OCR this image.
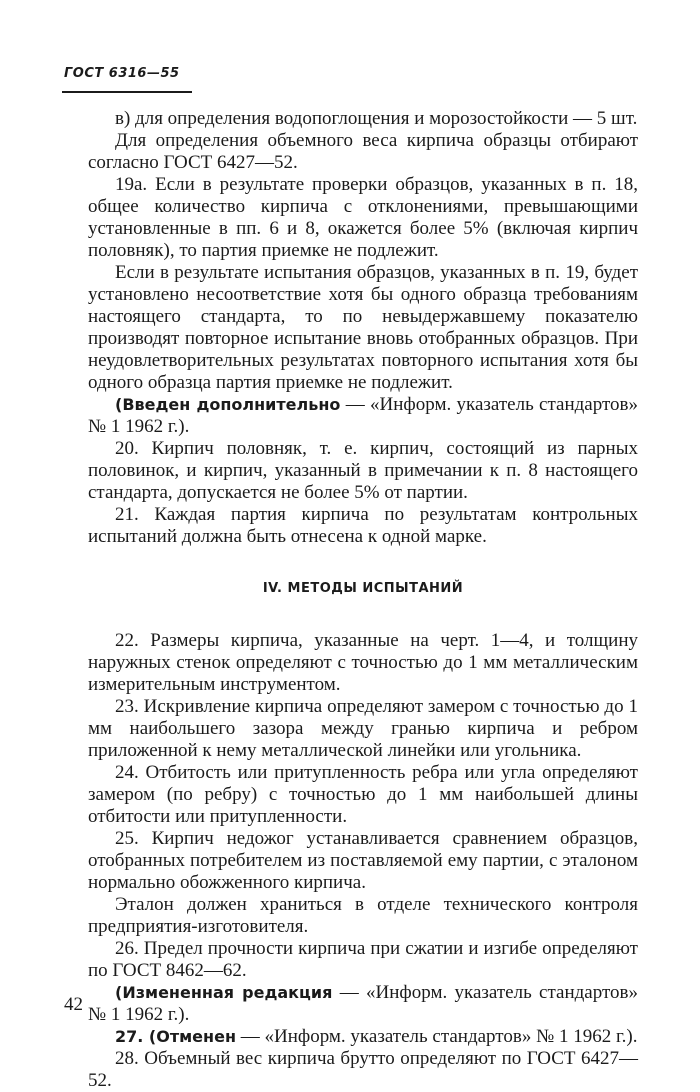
ГОСТ 6316—55

в) для определения водопоглощения и морозостойкости — 5 шт.

Для определения объемного веса кирпича образцы отбирают согласно ГОСТ 6427—52.

19а. Если в результате проверки образцов, указанных в п. 18, общее количество кирпича с отклонениями, превышающими установленные в пп. 6 и 8, окажется более 5% (включая кирпич половняк), то партия приемке не подлежит.

Если в результате испытания образцов, указанных в п. 19, будет установлено несоответствие хотя бы одного образца требованиям настоящего стандарта, то по невыдержавшему показателю производят повторное испытание вновь отобранных образцов. При неудовлетворительных результатах повторного испытания хотя бы одного образца партия приемке не подлежит.

(Введен дополнительно — «Информ. указатель стандартов» № 1 1962 г.).

20. Кирпич половняк, т. е. кирпич, состоящий из парных половинок, и кирпич, указанный в примечании к п. 8 настоящего стандарта, допускается не более 5% от партии.

21. Каждая партия кирпича по результатам контрольных испытаний должна быть отнесена к одной марке.

IV. МЕТОДЫ ИСПЫТАНИЙ

22. Размеры кирпича, указанные на черт. 1—4, и толщину наружных стенок определяют с точностью до 1 мм металлическим измерительным инструментом.

23. Искривление кирпича определяют замером с точностью до 1 мм наибольшего зазора между гранью кирпича и ребром приложенной к нему металлической линейки или угольника.

24. Отбитость или притупленность ребра или угла определяют замером (по ребру) с точностью до 1 мм наибольшей длины отбитости или притупленности.

25. Кирпич недожог устанавливается сравнением образцов, отобранных потребителем из поставляемой ему партии, с эталоном нормально обожженного кирпича.

Эталон должен храниться в отделе технического контроля предприятия-изготовителя.

26. Предел прочности кирпича при сжатии и изгибе определяют по ГОСТ 8462—62.

(Измененная редакция — «Информ. указатель стандартов» № 1 1962 г.).

27. (Отменен — «Информ. указатель стандартов» № 1 1962 г.).

28. Объемный вес кирпича брутто определяют по ГОСТ 6427—52.

42
